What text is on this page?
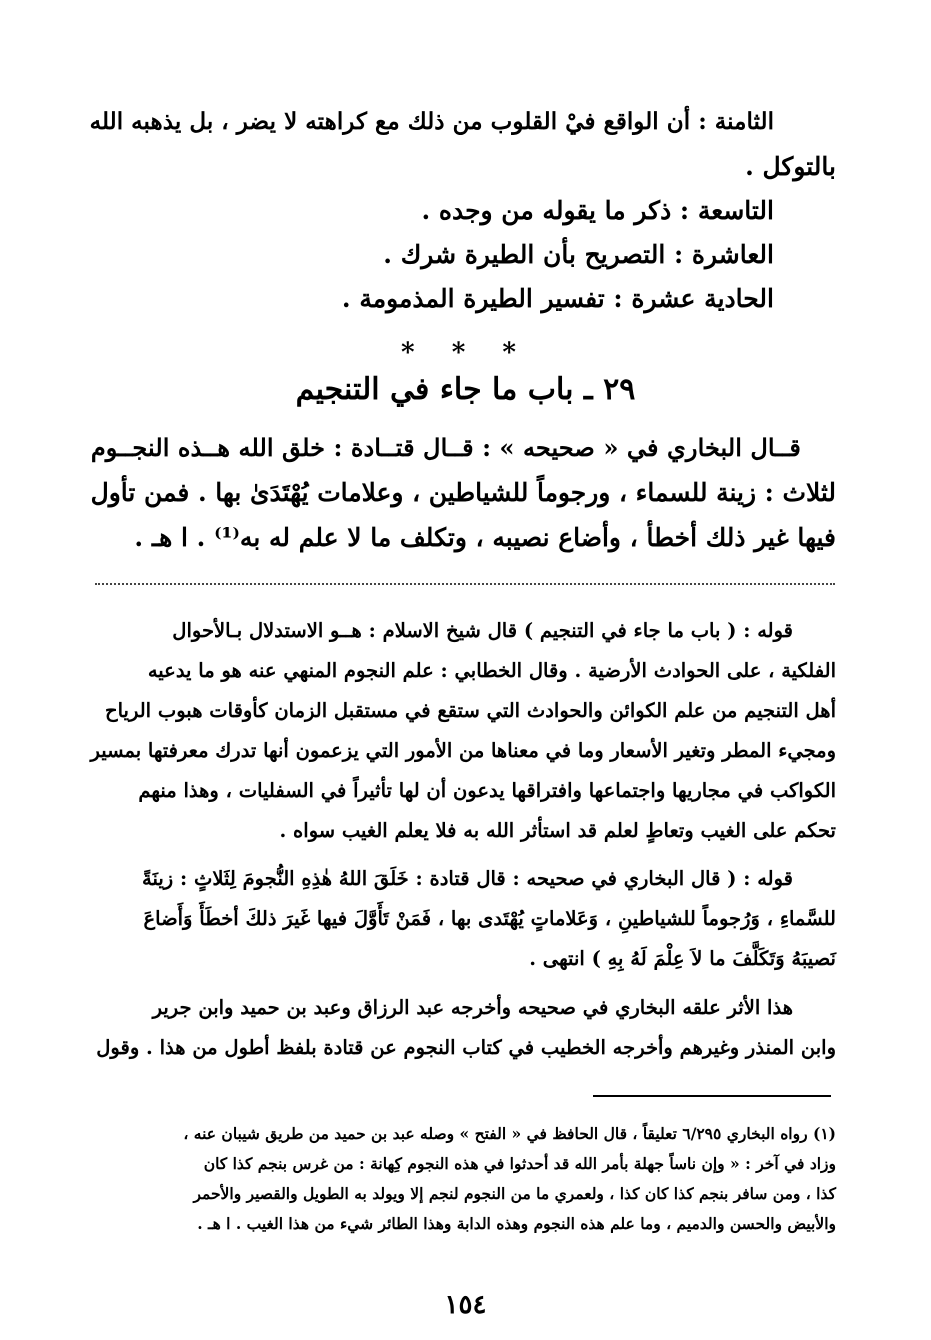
الثامنة : أن الواقع فيْ القلوب من ذلك مع كراهته لا يضر ، بل يذهبه الله
بالتوكل .
التاسعة : ذكر ما يقوله من وجده .
العاشرة : التصريح بأن الطيرة شرك .
الحادية عشرة : تفسير الطيرة المذمومة .
* * *
٢٩ ـ باب ما جاء في التنجيم
قــال البخاري في « صحيحه » : قــال قتــادة : خلق الله هــذه النجــوم
لثلاث : زينة للسماء ، ورجوماً للشياطين ، وعلامات يُهْتَدَىٰ بها . فمن تأول
فيها غير ذلك أخطأ ، وأضاع نصيبه ، وتكلف ما لا علم له به⁽¹⁾ . ا هـ .
قوله : ( باب ما جاء في التنجيم ) قال شيخ الاسلام : هــو الاستدلال بـالأحوال
الفلكية ، على الحوادث الأرضية . وقال الخطابي : علم النجوم المنهي عنه هو ما يدعيه
أهل التنجيم من علم الكوائن والحوادث التي ستقع في مستقبل الزمان كأوقات هبوب الرياح
ومجيء المطر وتغير الأسعار وما في معناها من الأمور التي يزعمون أنها تدرك معرفتها بمسير
الكواكب في مجاريها واجتماعها وافتراقها يدعون أن لها تأثيراً في السفليات ، وهذا منهم
تحكم على الغيب وتعاطٍ لعلم قد استأثر الله به فلا يعلم الغيب سواه .
قوله : ( قال البخاري في صحيحه : قال قتادة : خَلَقَ اللهُ هٰذِهِ النُّجومَ لِثَلاثٍ : زينَةً
للسَّماءِ ، وَرُجوماً للشياطينِ ، وَعَلاماتٍ يُهْتَدى بها ، فَمَنْ تَأَوَّلَ فيها غَيرَ ذلكَ أخطَأَ وَأَضاعَ
نَصيبَهُ وَتَكَلَّفَ ما لاَ عِلْمَ لَهُ بِهِ ) انتهى .
هذا الأثر علقه البخاري في صحيحه وأخرجه عبد الرزاق وعبد بن حميد وابن جرير
وابن المنذر وغيرهم وأخرجه الخطيب في كتاب النجوم عن قتادة بلفظ أطول من هذا . وقول
(١) رواه البخاري ٦/٢٩٥ تعليقاً ، قال الحافظ في « الفتح » وصله عبد بن حميد من طريق شيبان عنه ،
وزاد في آخر : « وإن ناساً جهلة بأمر الله قد أحدثوا في هذه النجوم كِهانة : من غرس بنجم كذا كان
كذا ، ومن سافر بنجم كذا كان كذا ، ولعمري ما من النجوم لنجم إلا ويولد به الطويل والقصير والأحمر
والأبيض والحسن والدميم ، وما علم هذه النجوم وهذه الدابة وهذا الطائر شيء من هذا الغيب . ا هـ .
١٥٤
